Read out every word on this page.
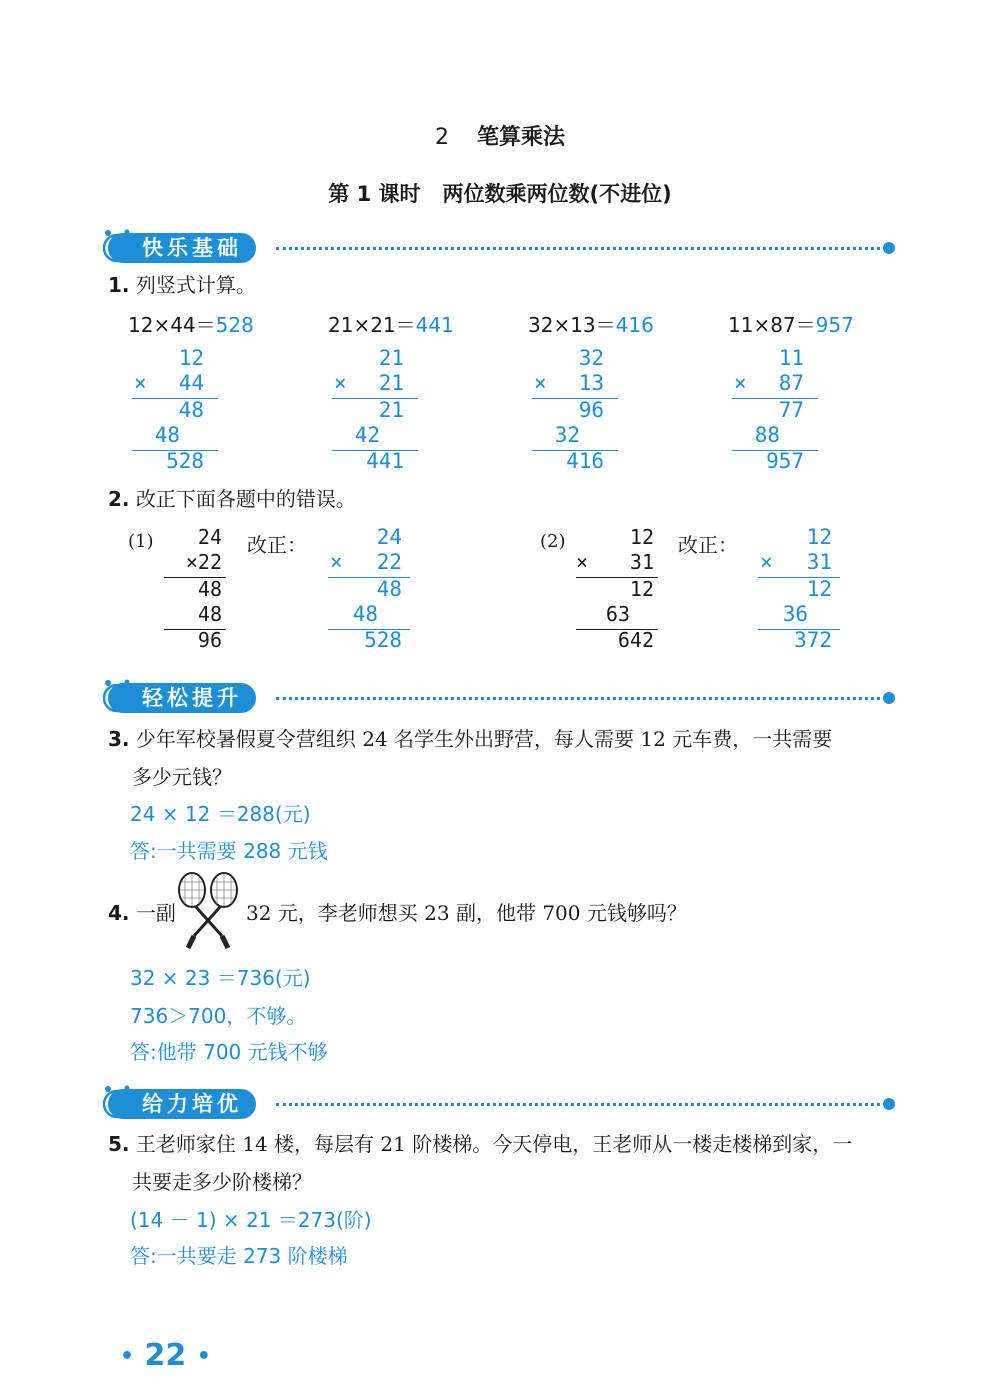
2 笔算乘法
第 1 课时 两位数乘两位数(不进位)
快乐基础
1. 列竖式计算。
12×44＝528	21×21＝441	32×13＝416	11×87＝957
12
× 44
48
48
528
21
× 21
21
42
441
32
× 13
96
32
416
11
× 87
77
88
957
2. 改正下面各题中的错误。
(1) 24
×22
48
48
96
改正：	24
× 22
48
48
528
(2)	12
× 31
12
63
642
改正：	12
× 31
12
36
372
轻松提升
3. 少年军校暑假夏令营组织 24 名学生外出野营，每人需要 12 元车费，一共需要
多少元钱？
24 × 12 ＝288(元)
答:一共需要 288 元钱
4. 一副	32 元，李老师想买 23 副，他带 700 元钱够吗？
32 × 23 ＝736(元)
736＞700，不够。
答:他带 700 元钱不够
给力培优
5. 王老师家住 14 楼，每层有 21 阶楼梯。今天停电，王老师从一楼走楼梯到家，一
共要走多少阶楼梯？
(14 － 1) × 21 ＝273(阶)
答:一共要走 273 阶楼梯
• 22 •
